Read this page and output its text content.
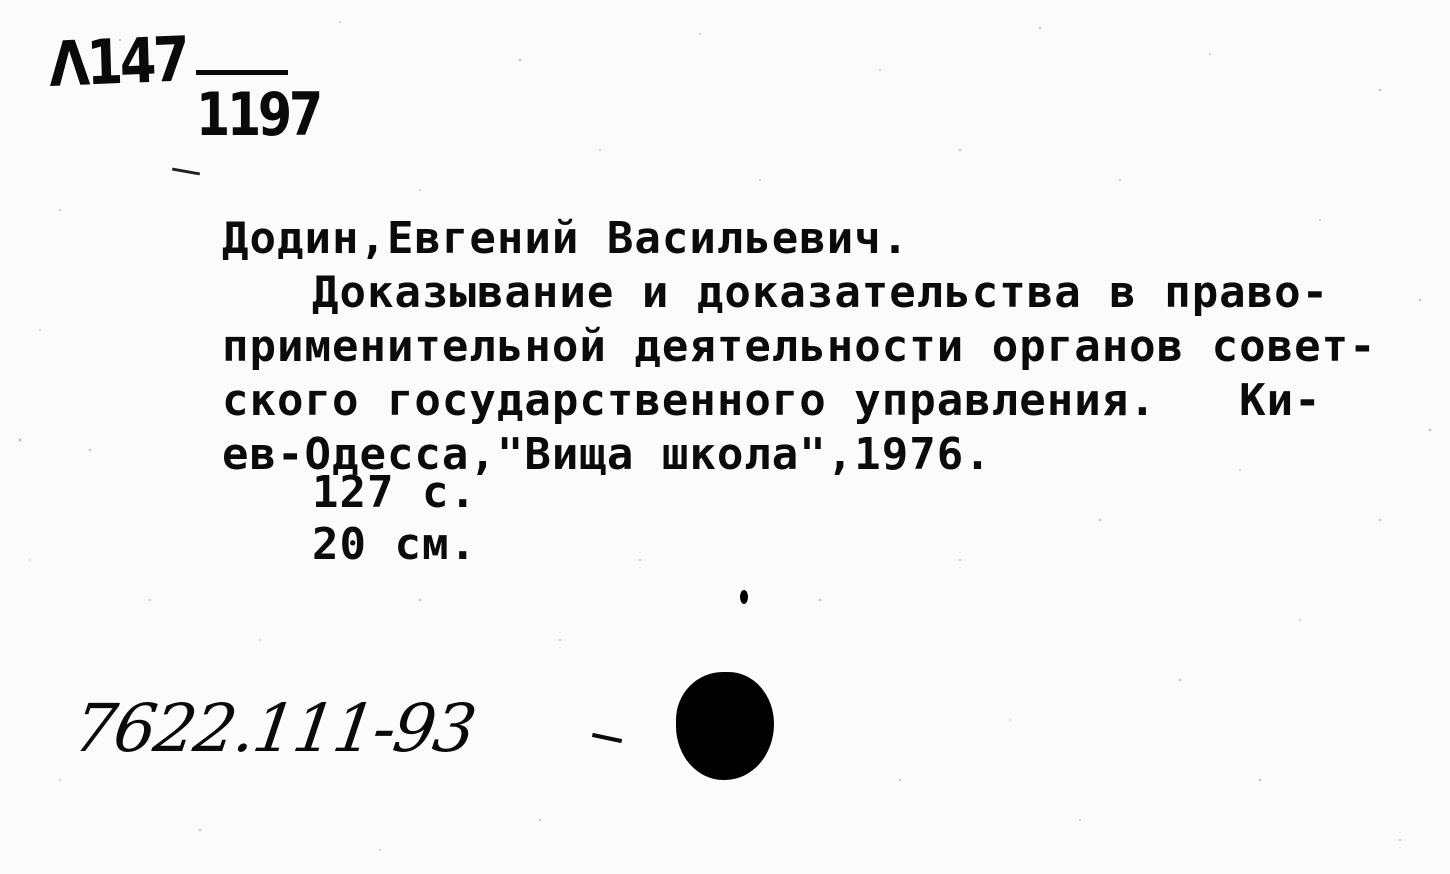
Λ147
1197
Додин,Евгений Васильевич.
Доказывание и доказательства в право-
применительной деятельности органов совет-
ского государственного управления.   Ки-
ев-Одесса,"Вища школа",1976.
127 с.
20 см.
7622.111-93
